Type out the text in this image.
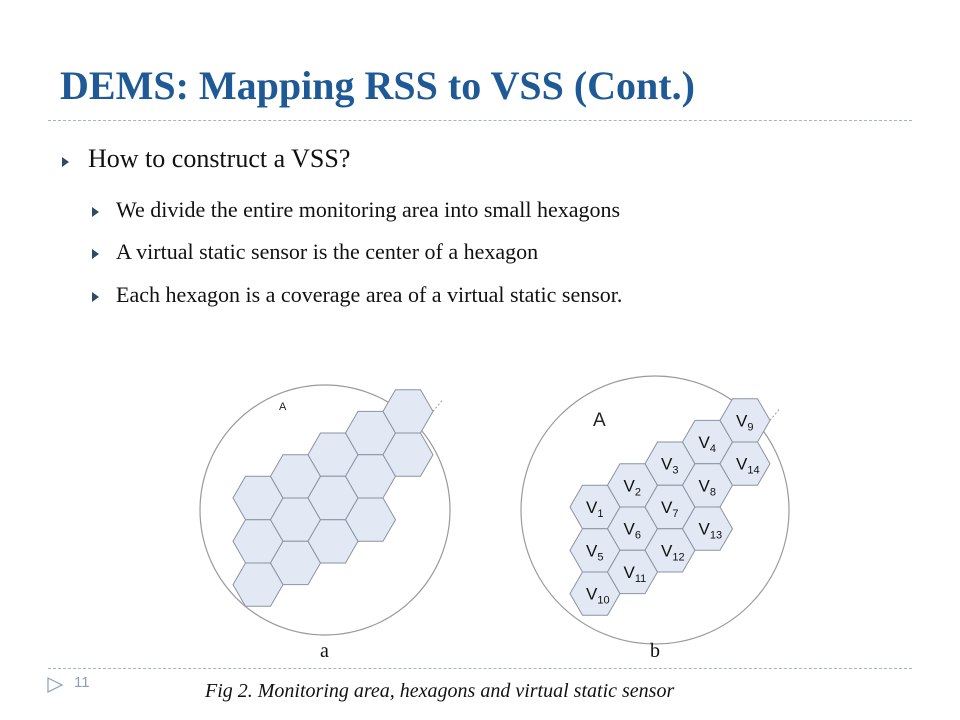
DEMS: Mapping RSS to VSS (Cont.)
How to construct a VSS?
We divide the entire monitoring area into small hexagons
A virtual static sensor is the center of a hexagon
Each hexagon is a coverage area of a virtual static sensor.
$V_1$
$V_5$
$V_{10}$
$V_2$
$V_6$
$V_{11}$
$V_3$
$V_7$
$V_{12}$
$V_4$
$V_8$
$V_{13}$
$V_9$
$V_{14}$
A
A
a	b
11	Fig 2. Monitoring area, hexagons and virtual static sensor
